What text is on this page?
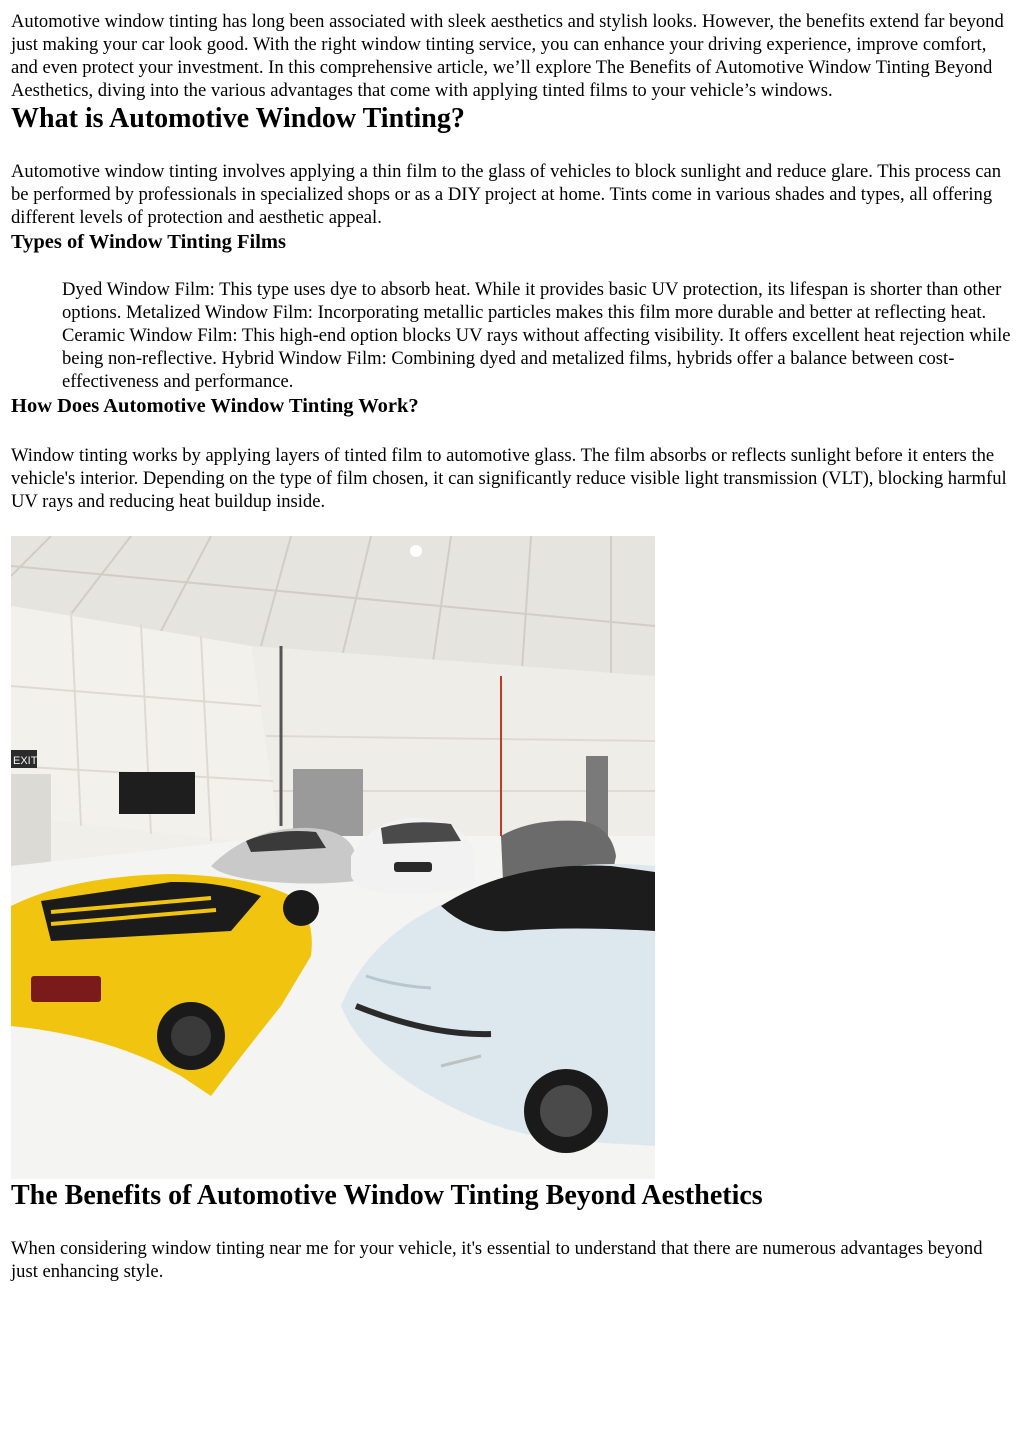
Automotive window tinting has long been associated with sleek aesthetics and stylish looks. However, the benefits extend far beyond just making your car look good. With the right window tinting service, you can enhance your driving experience, improve comfort, and even protect your investment. In this comprehensive article, we’ll explore The Benefits of Automotive Window Tinting Beyond Aesthetics, diving into the various advantages that come with applying tinted films to your vehicle’s windows.

What is Automotive Window Tinting?

Automotive window tinting involves applying a thin film to the glass of vehicles to block sunlight and reduce glare. This process can be performed by professionals in specialized shops or as a DIY project at home. Tints come in various shades and types, all offering different levels of protection and aesthetic appeal.

Types of Window Tinting Films

Dyed Window Film: This type uses dye to absorb heat. While it provides basic UV protection, its lifespan is shorter than other options. Metalized Window Film: Incorporating metallic particles makes this film more durable and better at reflecting heat. Ceramic Window Film: This high-end option blocks UV rays without affecting visibility. It offers excellent heat rejection while being non-reflective. Hybrid Window Film: Combining dyed and metalized films, hybrids offer a balance between cost-effectiveness and performance.

How Does Automotive Window Tinting Work?

Window tinting works by applying layers of tinted film to automotive glass. The film absorbs or reflects sunlight before it enters the vehicle's interior. Depending on the type of film chosen, it can significantly reduce visible light transmission (VLT), blocking harmful UV rays and reducing heat buildup inside.

EXIT
The Benefits of Automotive Window Tinting Beyond Aesthetics

When considering window tinting near me for your vehicle, it's essential to understand that there are numerous advantages beyond just enhancing style.
